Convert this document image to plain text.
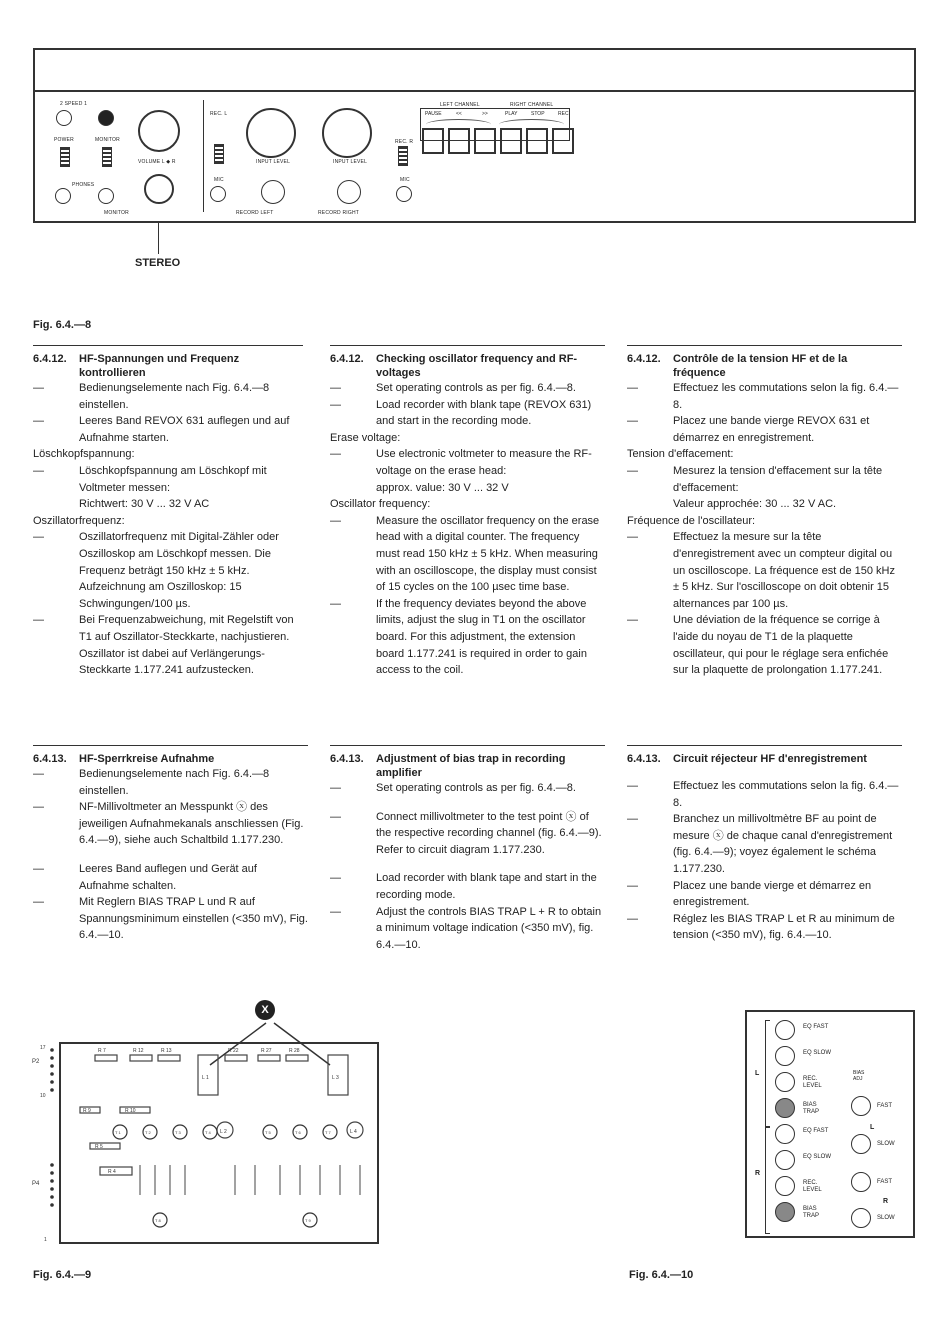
2 SPEED 1
POWER	MONITOR
PHONES
VOLUME L ◆ R
MONITOR
REC. L
MIC
INPUT LEVEL
RECORD LEFT
INPUT LEVEL
RECORD RIGHT
REC. R
MIC
LEFT CHANNEL	RIGHT CHANNEL
PAUSE	<<	>>	PLAY	STOP	REC
STEREO
Fig. 6.4.—8
6.4.12.	HF-Spannungen und Frequenz kontrollieren

—	Bedienungselemente nach Fig. 6.4.—8 einstellen.

—	Leeres Band REVOX 631 auflegen und auf Aufnahme starten.

Löschkopfspannung:

—	Löschkopfspannung am Löschkopf mit Voltmeter messen:

Richtwert: 30 V ... 32 V AC

Oszillatorfrequenz:

—	Oszillatorfrequenz mit Digital-Zähler oder Oszilloskop am Löschkopf messen. Die Frequenz beträgt 150 kHz ± 5 kHz. Aufzeichnung am Oszilloskop: 15 Schwingungen/100 µs.

—	Bei Frequenzabweichung, mit Regelstift von T1 auf Oszillator-Steckkarte, nachjustieren. Oszillator ist dabei auf Verlängerungs-Steckkarte 1.177.241 aufzustecken.

6.4.12.	Checking oscillator frequency and RF-voltages

—	Set operating controls as per fig. 6.4.—8.

—	Load recorder with blank tape (REVOX 631) and start in the recording mode.

Erase voltage:

—	Use electronic voltmeter to measure the RF-voltage on the erase head:

approx. value: 30 V ... 32 V

Oscillator frequency:

—	Measure the oscillator frequency on the erase head with a digital counter. The frequency must read 150 kHz ± 5 kHz. When measuring with an oscilloscope, the display must consist of 15 cycles on the 100 µsec time base.

—	If the frequency deviates beyond the above limits, adjust the slug in T1 on the oscillator board. For this adjustment, the extension board 1.177.241 is required in order to gain access to the coil.

6.4.12.	Contrôle de la tension HF et de la fréquence

—	Effectuez les commutations selon la fig. 6.4.—8.

—	Placez une bande vierge REVOX 631 et démarrez en enregistrement.

Tension d'effacement:

—	Mesurez la tension d'effacement sur la tête d'effacement:

Valeur approchée: 30 ... 32 V AC.

Fréquence de l'oscillateur:

—	Effectuez la mesure sur la tête d'enregistrement avec un compteur digital ou un oscilloscope. La fréquence est de 150 kHz ± 5 kHz. Sur l'oscilloscope on doit obtenir 15 alternances par 100 µs.

—	Une déviation de la fréquence se corrige à l'aide du noyau de T1 de la plaquette oscillateur, qui pour le réglage sera enfichée sur la plaquette de prolongation 1.177.241.

6.4.13.	HF-Sperrkreise Aufnahme

—	Bedienungselemente nach Fig. 6.4.—8 einstellen.

—	NF-Millivoltmeter an Messpunkt ⓧ des jeweiligen Aufnahmekanals anschliessen (Fig. 6.4.—9), siehe auch Schaltbild 1.177.230.

—	Leeres Band auflegen und Gerät auf Aufnahme schalten.

—	Mit Reglern BIAS TRAP L und R auf Spannungsminimum einstellen (<350 mV), Fig. 6.4.—10.

6.4.13.	Adjustment of bias trap in recording amplifier

—	Set operating controls as per fig. 6.4.—8.

—	Connect millivoltmeter to the test point ⓧ of the respective recording channel (fig. 6.4.—9). Refer to circuit diagram 1.177.230.

—	Load recorder with blank tape and start in the recording mode.

—	Adjust the controls BIAS TRAP L + R to obtain a minimum voltage indication (<350 mV), fig. 6.4.—10.

6.4.13.	Circuit réjecteur HF d'enregistrement

—	Effectuez les commutations selon la fig. 6.4.—8.

—	Branchez un millivoltmètre BF au point de mesure ⓧ de chaque canal d'enregistrement (fig. 6.4.—9); voyez également le schéma 1.177.230.

—	Placez une bande vierge et démarrez en enregistrement.

—	Réglez les BIAS TRAP L et R au minimum de tension (<350 mV), fig. 6.4.—10.

X
P2
P4
17
10
1
R 7	R 12	R 13	R 22	R 27	R 28
L 1
L 2
L 3
L 4
R 9	R 10
R 5
R 4
T 1	T 2	T 3	T 4	T 5	T 6	T 7
T 8	T 9
Fig. 6.4.—9
L
R
EQ FAST
EQ SLOW
REC. LEVEL
BIAS TRAP
EQ FAST
EQ SLOW
REC. LEVEL
BIAS TRAP
BIAS ADJ
FAST
SLOW
FAST
SLOW
L
R
Fig. 6.4.—10
